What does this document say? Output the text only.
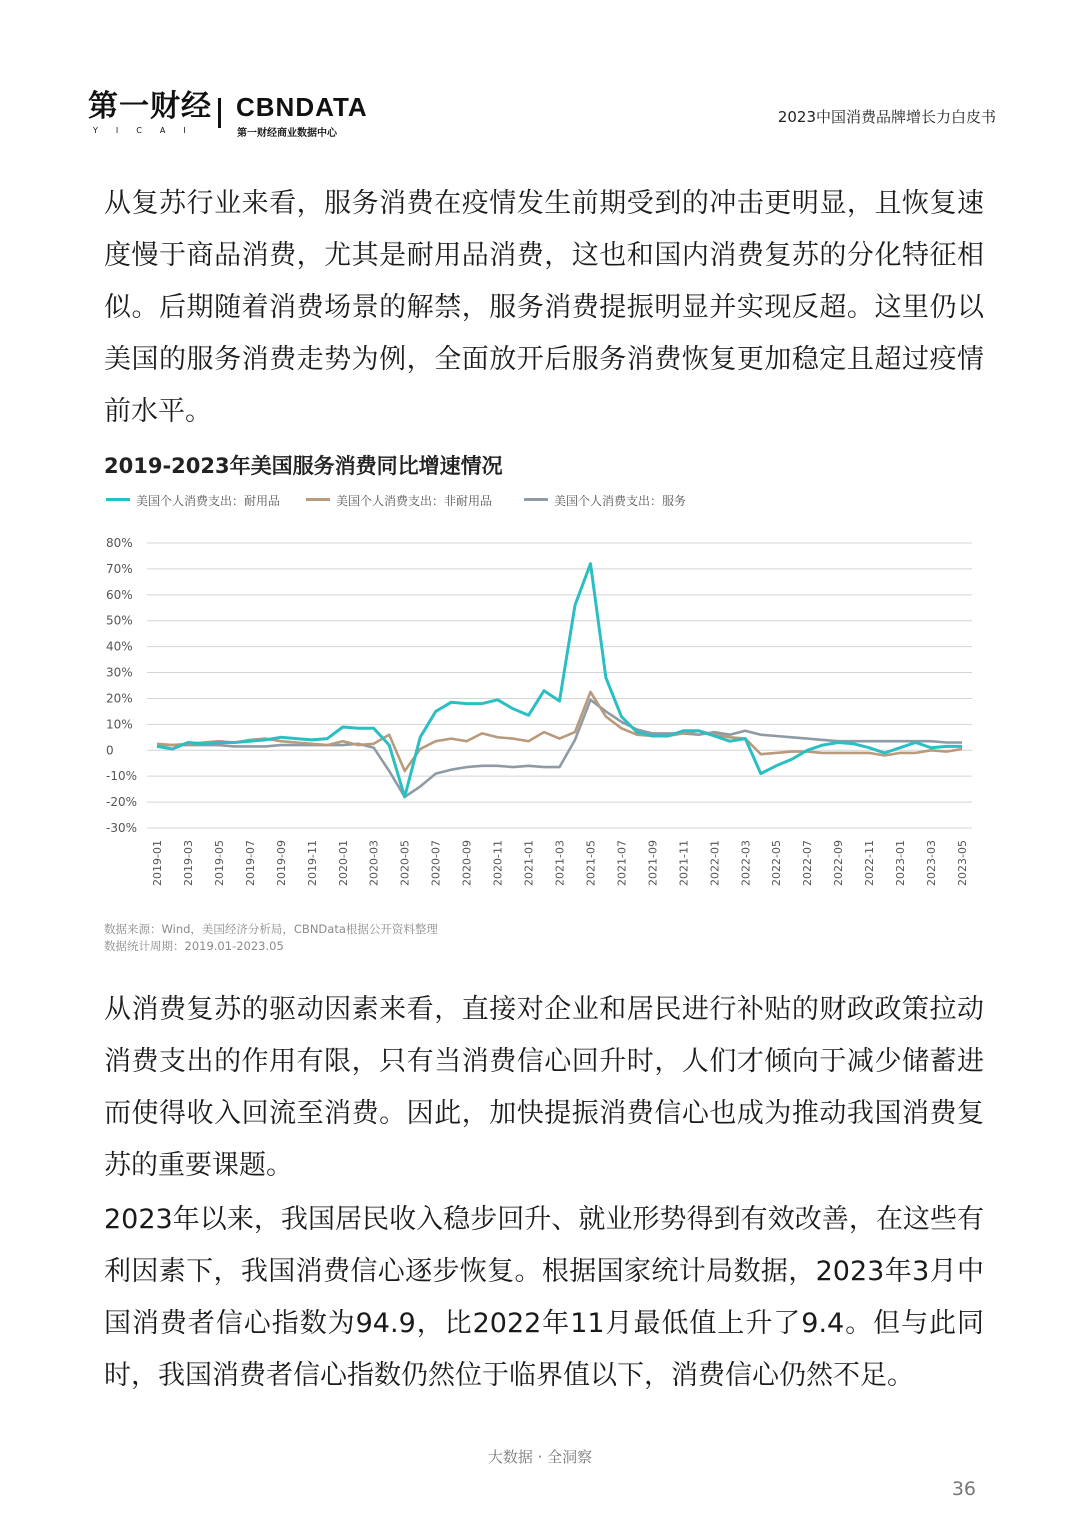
第一财经
YICAI
CBNDATA
第一财经商业数据中心
2023中国消费品牌增长力白皮书

从复苏行业来看，服务消费在疫情发生前期受到的冲击更明显，且恢复速度慢于商品消费，尤其是耐用品消费，这也和国内消费复苏的分化特征相似。后期随着消费场景的解禁，服务消费提振明显并实现反超。这里仍以美国的服务消费走势为例，全面放开后服务消费恢复更加稳定且超过疫情前水平。

2019-2023年美国服务消费同比增速情况
美国个人消费支出：耐用品	美国个人消费支出：非耐用品	美国个人消费支出：服务
80%
70%
60%
50%
40%
30%
20%
10%
0
-10%
-20%
-30%
2019-01 2019-03 2019-05 2019-07 2019-09 2019-11 2020-01 2020-03 2020-05 2020-07 2020-09 2020-11 2021-01 2021-03 2021-05 2021-07 2021-09 2021-11 2022-01 2022-03 2022-05 2022-07 2022-09 2022-11 2023-01 2023-03 2023-05
数据来源：Wind，美国经济分析局，CBNData根据公开资料整理
数据统计周期：2019.01-2023.05

从消费复苏的驱动因素来看，直接对企业和居民进行补贴的财政政策拉动消费支出的作用有限，只有当消费信心回升时，人们才倾向于减少储蓄进而使得收入回流至消费。因此，加快提振消费信心也成为推动我国消费复苏的重要课题。

2023年以来，我国居民收入稳步回升、就业形势得到有效改善，在这些有利因素下，我国消费信心逐步恢复。根据国家统计局数据，2023年3月中国消费者信心指数为94.9，比2022年11月最低值上升了9.4。但与此同时，我国消费者信心指数仍然位于临界值以下，消费信心仍然不足。

大数据 · 全洞察
36
